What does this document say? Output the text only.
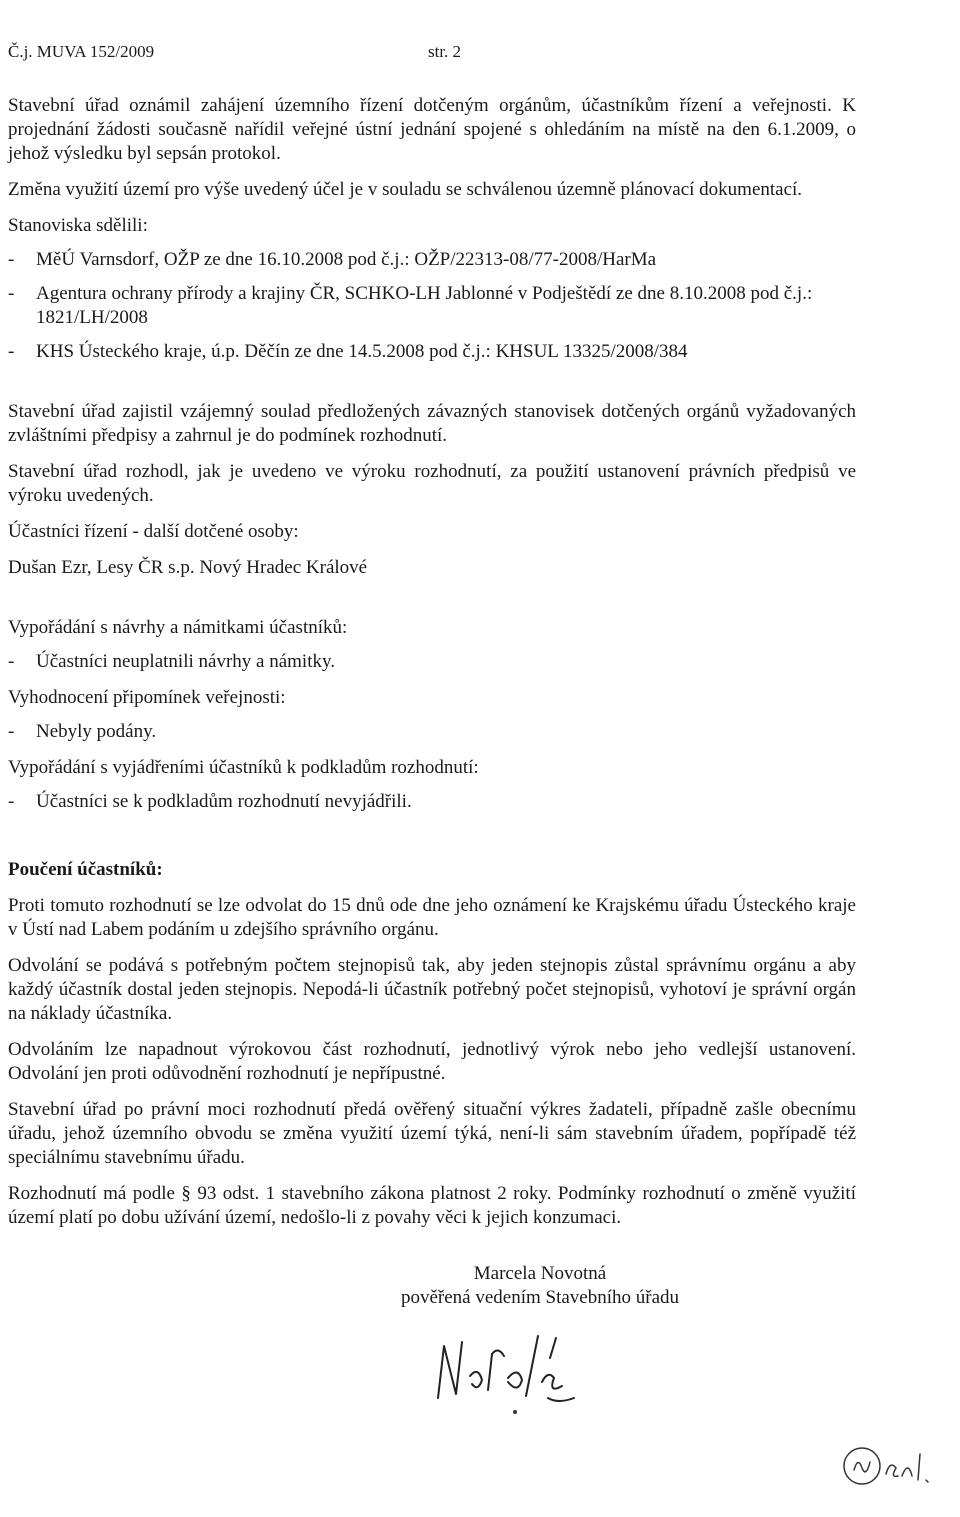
Č.j. MUVA 152/2009	str. 2

Stavební úřad oznámil zahájení územního řízení dotčeným orgánům, účastníkům řízení a veřejnosti. K projednání žádosti současně nařídil veřejné ústní jednání spojené s ohledáním na místě na den 6.1.2009, o jehož výsledku byl sepsán protokol.

Změna využití území pro výše uvedený účel je v souladu se schválenou územně plánovací dokumentací.

Stanoviska sdělili:

-	MěÚ Varnsdorf, OŽP ze dne 16.10.2008 pod č.j.: OŽP/22313-08/77-2008/HarMa
-	Agentura ochrany přírody a krajiny ČR, SCHKO-LH Jablonné v Podještědí ze dne 8.10.2008 pod č.j.: 1821/LH/2008
-	KHS Ústeckého kraje, ú.p. Děčín ze dne 14.5.2008 pod č.j.: KHSUL 13325/2008/384

Stavební úřad zajistil vzájemný soulad předložených závazných stanovisek dotčených orgánů vyžadovaných zvláštními předpisy a zahrnul je do podmínek rozhodnutí.

Stavební úřad rozhodl, jak je uvedeno ve výroku rozhodnutí, za použití ustanovení právních předpisů ve výroku uvedených.

Účastníci řízení - další dotčené osoby:

Dušan Ezr, Lesy ČR s.p. Nový Hradec Králové

Vypořádání s návrhy a námitkami účastníků:

-	Účastníci neuplatnili návrhy a námitky.

Vyhodnocení připomínek veřejnosti:

-	Nebyly podány.

Vypořádání s vyjádřeními účastníků k podkladům rozhodnutí:

-	Účastníci se k podkladům rozhodnutí nevyjádřili.

Poučení účastníků:

Proti tomuto rozhodnutí se lze odvolat do 15 dnů ode dne jeho oznámení ke Krajskému úřadu Ústeckého kraje v Ústí nad Labem podáním u zdejšího správního orgánu.

Odvolání se podává s potřebným počtem stejnopisů tak, aby jeden stejnopis zůstal správnímu orgánu a aby každý účastník dostal jeden stejnopis. Nepodá-li účastník potřebný počet stejnopisů, vyhotoví je správní orgán na náklady účastníka.

Odvoláním lze napadnout výrokovou část rozhodnutí, jednotlivý výrok nebo jeho vedlejší ustanovení. Odvolání jen proti odůvodnění rozhodnutí je nepřípustné.

Stavební úřad po právní moci rozhodnutí předá ověřený situační výkres žadateli, případně zašle obecnímu úřadu, jehož územního obvodu se změna využití území týká, není-li sám stavebním úřadem, popřípadě též speciálnímu stavebnímu úřadu.

Rozhodnutí má podle § 93 odst. 1 stavebního zákona platnost 2 roky. Podmínky rozhodnutí o změně využití území platí po dobu užívání území, nedošlo-li z povahy věci k jejich konzumaci.

Marcela Novotná

pověřená vedením Stavebního úřadu
